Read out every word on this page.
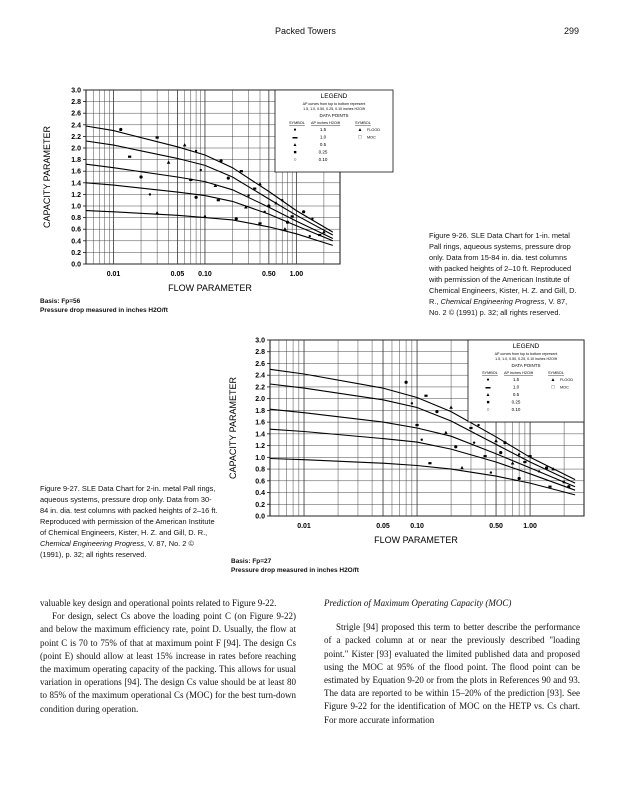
Packed Towers	299
0.0
0.2
0.4
0.6
0.8
1.0
1.2
1.4
1.6
1.8
2.0
2.2
2.4
2.6
2.8
3.0
0.01	0.05 0.10	0.50 1.00
FLOW PARAMETER
CAPACITY PARAMETER
LEGEND
ΔP curves from top to bottom represent
1.5, 1.0, 0.50, 0.25, 0.10 inches H2O/ft
DATA POINTS
SYMBOL ΔP inches H2O/ft	SYMBOL
●	1.5
▬	1.0
▲	0.5
■	0.25
○	0.10
▲ FLOOD
□ MOC
Basis: Fp=56
Pressure drop measured in inches H2O/ft
Figure 9-26. SLE Data Chart for 1-in. metal Pall rings, aqueous systems, pressure drop only. Data from 15-84 in. dia. test columns with packed heights of 2–10 ft. Reproduced with permission of the American Institute of Chemical Engineers, Kister, H. Z. and Gill, D. R., Chemical Engineering Progress, V. 87, No. 2 © (1991) p. 32; all rights reserved.
0.0
0.2
0.4
0.6
0.8
1.0
1.2
1.4
1.6
1.8
2.0
2.2
2.4
2.6
2.8
3.0
0.01	0.05	0.10	0.50	1.00
FLOW PARAMETER
CAPACITY PARAMETER
LEGEND
ΔP curves from top to bottom represent
1.5, 1.0, 0.50, 0.25, 0.10 inches H2O/ft
DATA POINTS
SYMBOL ΔP inches H2O/ft	SYMBOL
●	1.5
▬	1.0
▲	0.5
■	0.25
○	0.10
▲ FLOOD
□ MOC
Basis: Fp=27
Pressure drop measured in inches H2O/ft
Figure 9-27. SLE Data Chart for 2-in. metal Pall rings, aqueous systems, pressure drop only. Data from 30-84 in. dia. test columns with packed heights of 2–16 ft. Reproduced with permission of the American Institute of Chemical Engineers, Kister, H. Z. and Gill, D. R., Chemical Engineering Progress, V. 87, No. 2 © (1991), p. 32; all rights reserved.

valuable key design and operational points related to Figure 9-22.

For design, select Cs above the loading point C (on Figure 9-22) and below the maximum efficiency rate, point D. Usually, the flow at point C is 70 to 75% of that at maximum point F [94]. The design Cs (point E) should allow at least 15% increase in rates before reaching the maximum operating capacity of the packing. This allows for usual variation in operations [94]. The design Cs value should be at least 80 to 85% of the maximum operational Cs (MOC) for the best turn-down condition during operation.

Prediction of Maximum Operating Capacity (MOC)

Strigle [94] proposed this term to better describe the performance of a packed column at or near the previously described "loading point." Kister [93] evaluated the limited published data and proposed using the MOC at 95% of the flood point. The flood point can be estimated by Equation 9-20 or from the plots in References 90 and 93. The data are reported to be within 15–20% of the prediction [93]. See Figure 9-22 for the identification of MOC on the HETP vs. Cs chart. For more accurate information
